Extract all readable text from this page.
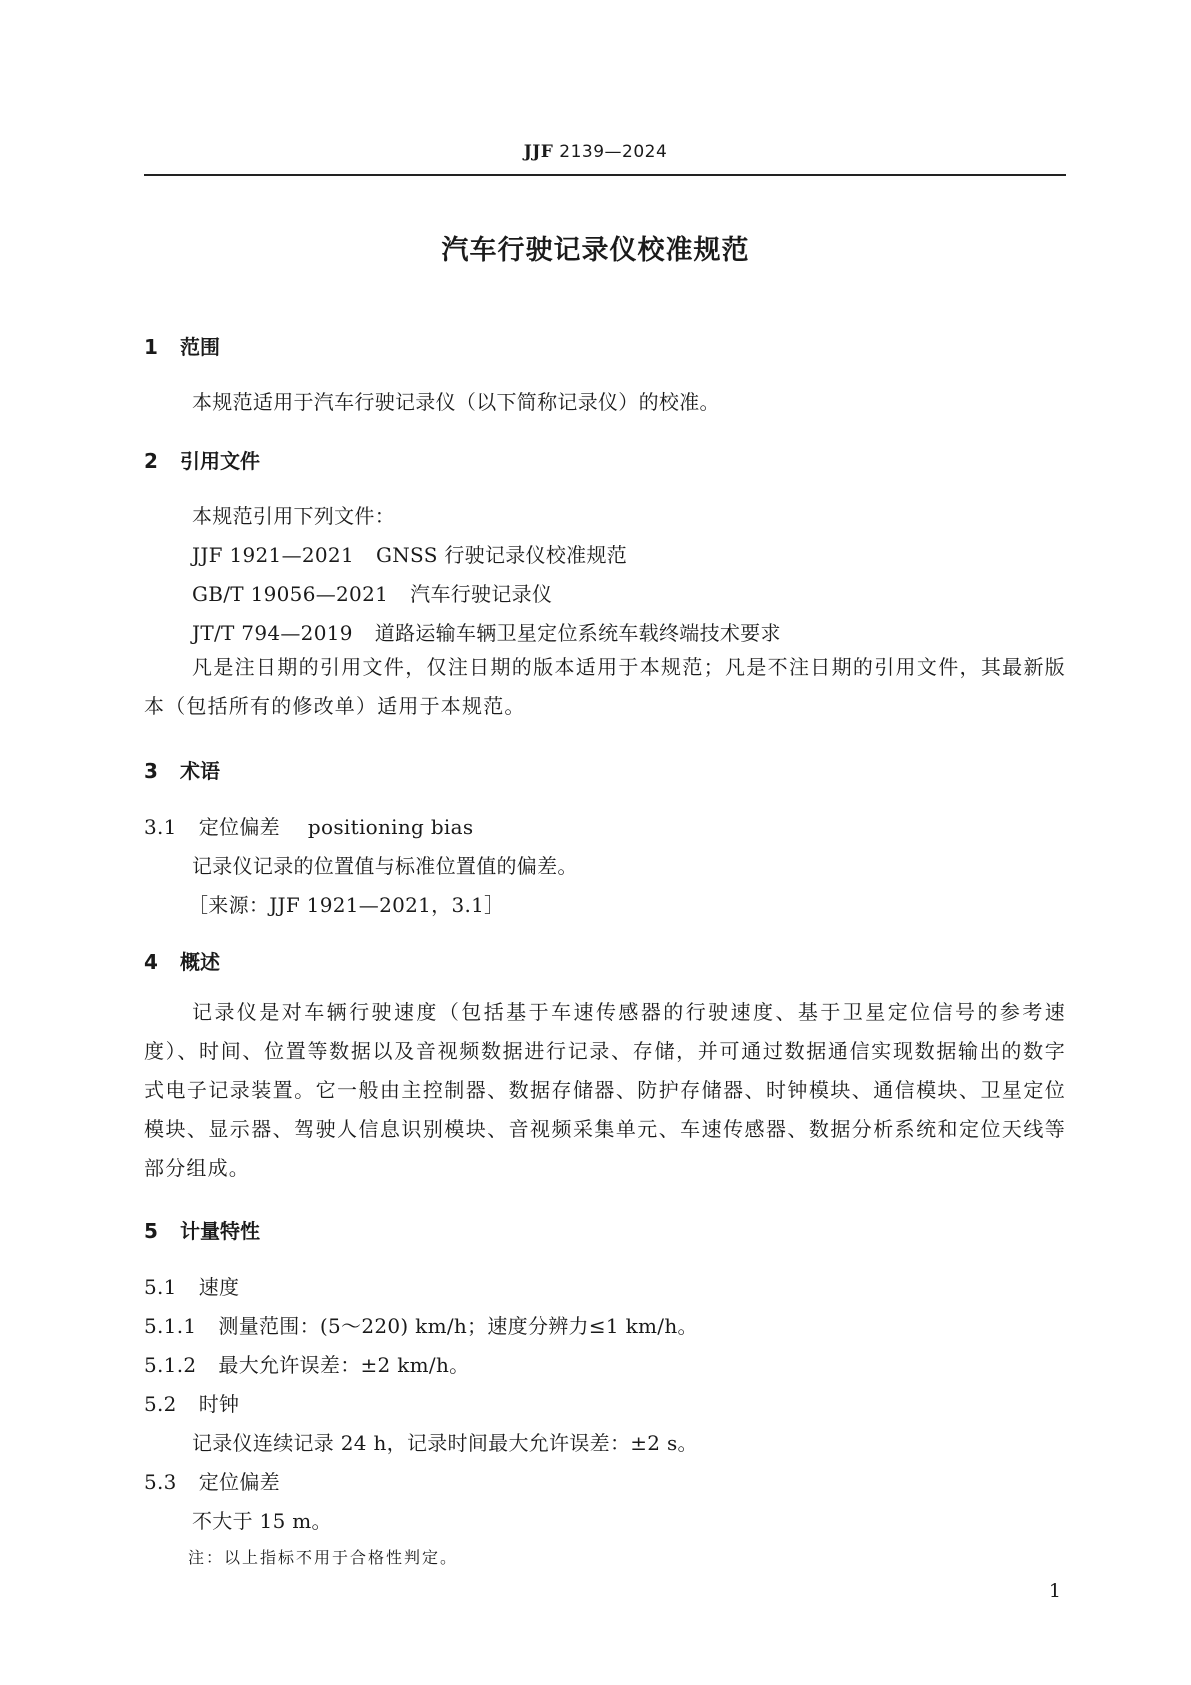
JJF 2139—2024
汽车行驶记录仪校准规范
1 范围
本规范适用于汽车行驶记录仪（以下简称记录仪）的校准。
2 引用文件
本规范引用下列文件：
JJF 1921—2021 GNSS 行驶记录仪校准规范
GB/T 19056—2021 汽车行驶记录仪
JT/T 794—2019 道路运输车辆卫星定位系统车载终端技术要求
凡是注日期的引用文件，仅注日期的版本适用于本规范；凡是不注日期的引用文件，其最新版本（包括所有的修改单）适用于本规范。
3 术语
3.1 定位偏差 positioning bias
记录仪记录的位置值与标准位置值的偏差。
［来源：JJF 1921—2021，3.1］
4 概述
记录仪是对车辆行驶速度（包括基于车速传感器的行驶速度、基于卫星定位信号的参考速度）、时间、位置等数据以及音视频数据进行记录、存储，并可通过数据通信实现数据输出的数字式电子记录装置。它一般由主控制器、数据存储器、防护存储器、时钟模块、通信模块、卫星定位模块、显示器、驾驶人信息识别模块、音视频采集单元、车速传感器、数据分析系统和定位天线等部分组成。
5 计量特性
5.1 速度
5.1.1 测量范围：(5～220) km/h；速度分辨力≤1 km/h。
5.1.2 最大允许误差：±2 km/h。
5.2 时钟
记录仪连续记录 24 h，记录时间最大允许误差：±2 s。
5.3 定位偏差
不大于 15 m。
注：以上指标不用于合格性判定。
1
